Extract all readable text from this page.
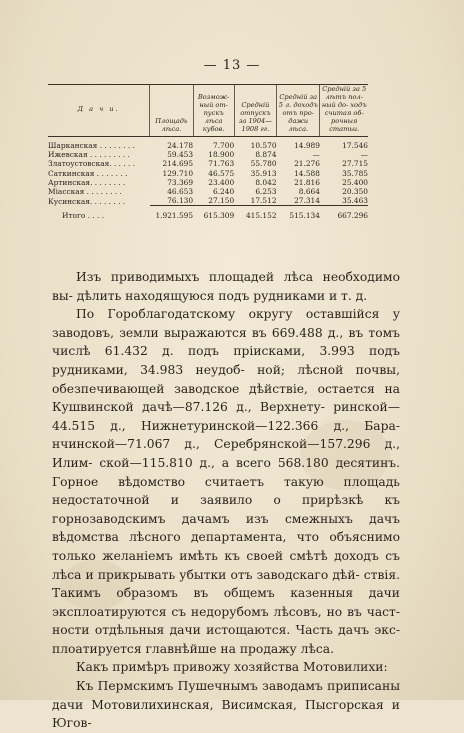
— 13 —
Д а ч и.	Площадь лѣса.	Возмож- ный от- пускъ лѣса кубов.	Средній отпускъ за 1904— 1908 гг.	Средній за 5 л. доходъ отъ про- дажи лѣса.	Средній за 5 лѣтъ пол- ный до- ходъ считая об- рочныя статьи.

Шарканская . . . . . . . .	24.178	7.700	10.570	14.989	17.546
Ижевская . . . . . . . . .	59.453	18.900	8.874	—	—
Златоустовская. . . . . .	214.695	71.763	55.780	21.276	27.715
Саткинская . . . . . . .	129.710	46.575	35.913	14.588	35.785
Артинская. . . . . . . .	73.369	23.400	8.042	21.816	25.400
Міасская . . . . . . . .	46.653	6.240	6.253	8.664	20.350
Кусинская. . . . . . . .	76.130	27.150	17.512	27.314	35.463
Итого . . . .	1.921.595	615.309	415.152	515.134	667.296

Изъ приводимыхъ площадей лѣса необходимо вы- дѣлить находящуюся подъ рудниками и т. д.

По Гороблагодатскому округу оставшійся у заводовъ, земли выражаются въ 669.488 д., въ томъ числѣ 61.432 д. подъ пріисками, 3.993 подъ рудниками, 34.983 неудоб- ной; лѣсной почвы, обезпечивающей заводское дѣйствіе, остается на Кушвинской дачѣ—87.126 д., Верхнету- ринской—44.515 д., Нижнетуринской—122.366 д., Бара- нчинской—71.067 д., Серебрянской—157.296 д., Илим- ской—115.810 д., а всего 568.180 десятинъ. Горное вѣдомство считаетъ такую площадь недостаточной и заявило о прирѣзкѣ къ горнозаводскимъ дачамъ изъ смежныхъ дачъ вѣдомства лѣсного департамента, что объяснимо только желаніемъ имѣть къ своей смѣтѣ доходъ съ лѣса и прикрывать убытки отъ заводскаго дѣй- ствія. Такимъ образомъ въ общемъ казенныя дачи эксплоатируются съ недорубомъ лѣсовъ, но въ част- ности отдѣльныя дачи истощаются. Часть дачъ экс- плоатируется главнѣйше на продажу лѣса.

Какъ примѣръ привожу хозяйства Мотовилихи:

Къ Пермскимъ Пушечнымъ заводамъ приписаны дачи Мотовилихинская, Висимская, Пысгорская и Югов-
